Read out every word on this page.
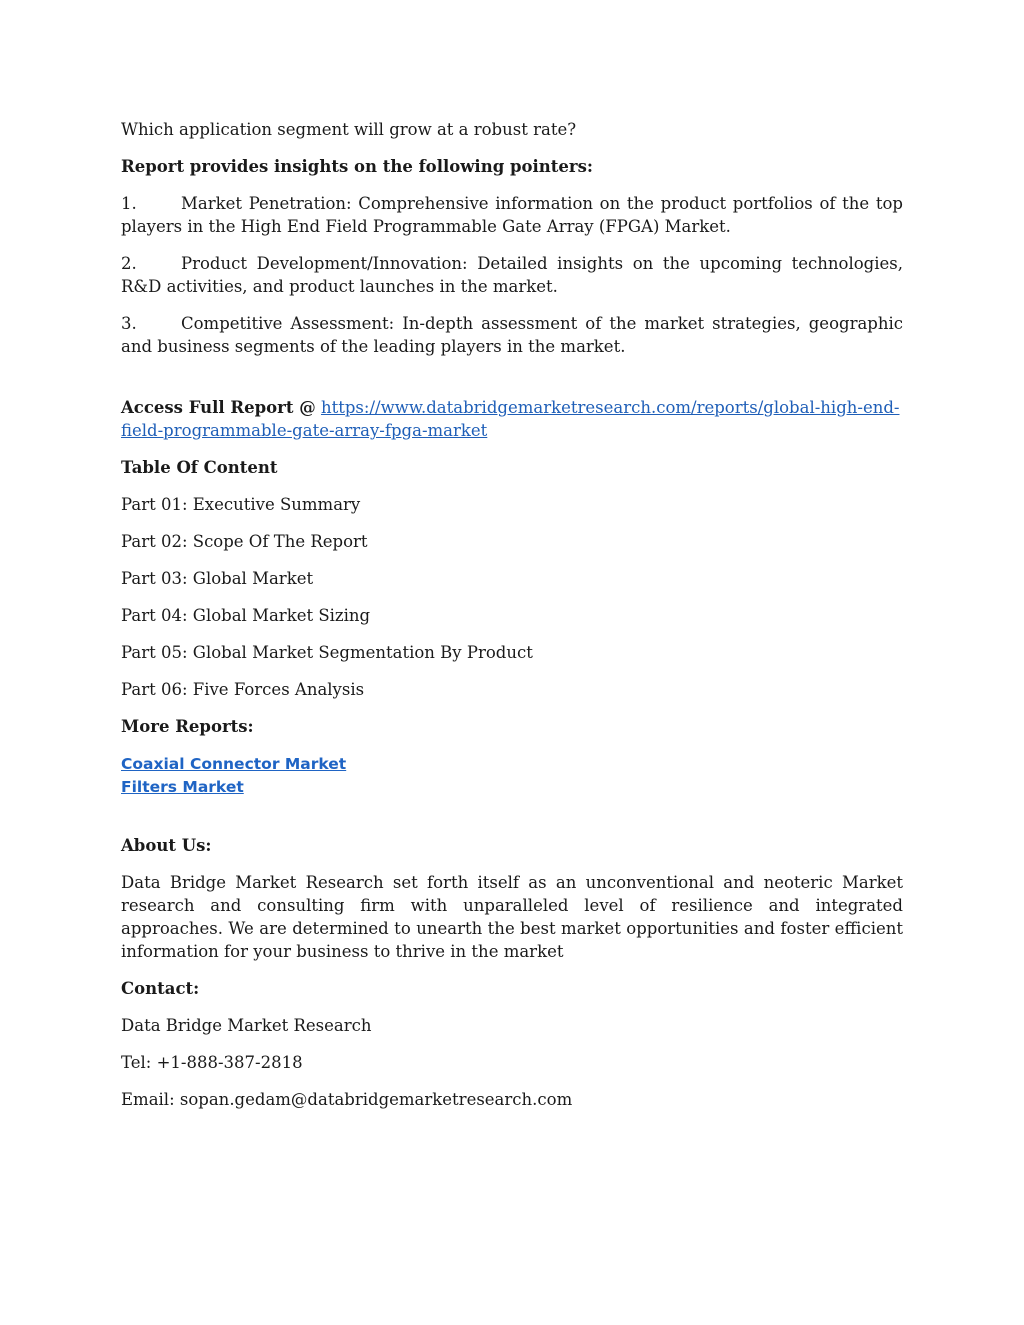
Which application segment will grow at a robust rate?

Report provides insights on the following pointers:

1.	Market Penetration: Comprehensive information on the product portfolios of the top players in the High End Field Programmable Gate Array (FPGA) Market.

2.	Product Development/Innovation: Detailed insights on the upcoming technologies, R&D activities, and product launches in the market.

3.	Competitive Assessment: In-depth assessment of the market strategies, geographic and business segments of the leading players in the market.

Access Full Report @ https://www.databridgemarketresearch.com/reports/global-high-end-field-programmable-gate-array-fpga-market

Table Of Content

Part 01: Executive Summary

Part 02: Scope Of The Report

Part 03: Global Market

Part 04: Global Market Sizing

Part 05: Global Market Segmentation By Product

Part 06: Five Forces Analysis

More Reports:

Coaxial Connector Market
Filters Market

About Us:

Data Bridge Market Research set forth itself as an unconventional and neoteric Market research and consulting firm with unparalleled level of resilience and integrated approaches. We are determined to unearth the best market opportunities and foster efficient information for your business to thrive in the market

Contact:

Data Bridge Market Research

Tel: +1-888-387-2818

Email: sopan.gedam@databridgemarketresearch.com
